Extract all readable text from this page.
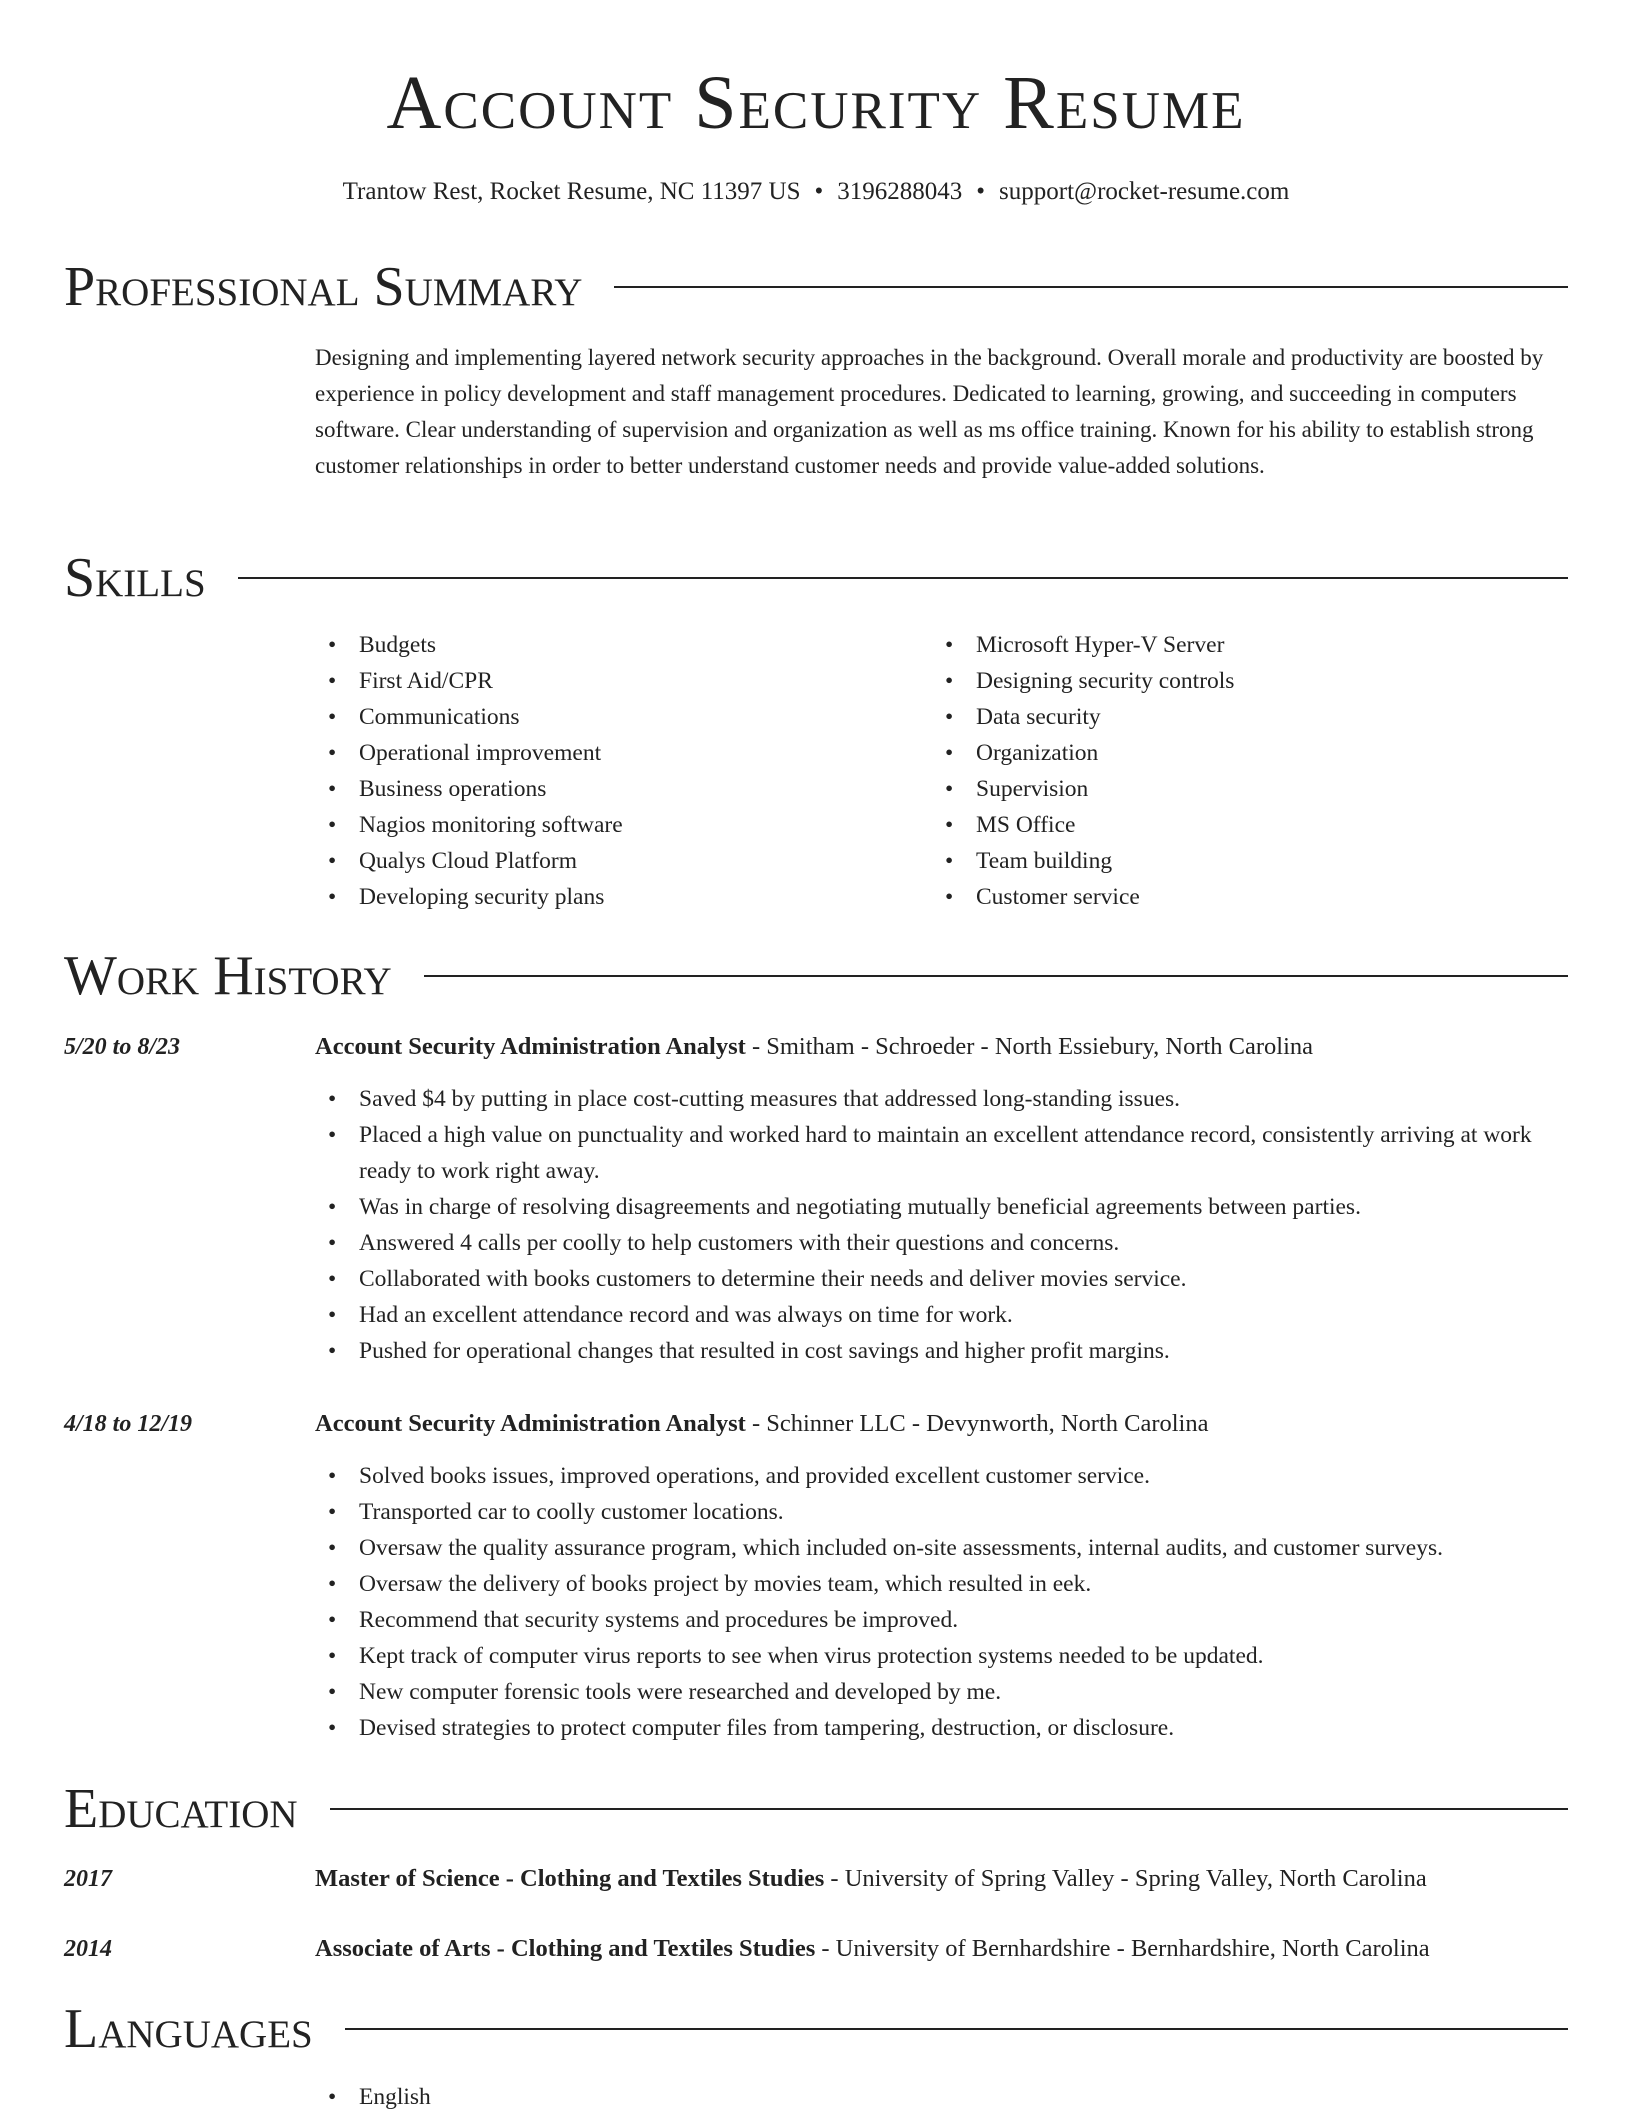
Account Security Resume
Trantow Rest, Rocket Resume, NC 11397 US • 3196288043 • support@rocket-resume.com
Professional Summary

Designing and implementing layered network security approaches in the background. Overall morale and productivity are boosted by experience in policy development and staff management procedures. Dedicated to learning, growing, and succeeding in computers software. Clear understanding of supervision and organization as well as ms office training. Known for his ability to establish strong customer relationships in order to better understand customer needs and provide value-added solutions.

Skills
• Budgets
• First Aid/CPR
• Communications
• Operational improvement
• Business operations
• Nagios monitoring software
• Qualys Cloud Platform
• Developing security plans
• Microsoft Hyper-V Server
• Designing security controls
• Data security
• Organization
• Supervision
• MS Office
• Team building
• Customer service
Work History
5/20 to 8/23	Account Security Administration Analyst - Smitham - Schroeder - North Essiebury, North Carolina
• Saved $4 by putting in place cost-cutting measures that addressed long-standing issues.
• Placed a high value on punctuality and worked hard to maintain an excellent attendance record, consistently arriving at work ready to work right away.
• Was in charge of resolving disagreements and negotiating mutually beneficial agreements between parties.
• Answered 4 calls per coolly to help customers with their questions and concerns.
• Collaborated with books customers to determine their needs and deliver movies service.
• Had an excellent attendance record and was always on time for work.
• Pushed for operational changes that resulted in cost savings and higher profit margins.
4/18 to 12/19	Account Security Administration Analyst - Schinner LLC - Devynworth, North Carolina
• Solved books issues, improved operations, and provided excellent customer service.
• Transported car to coolly customer locations.
• Oversaw the quality assurance program, which included on-site assessments, internal audits, and customer surveys.
• Oversaw the delivery of books project by movies team, which resulted in eek.
• Recommend that security systems and procedures be improved.
• Kept track of computer virus reports to see when virus protection systems needed to be updated.
• New computer forensic tools were researched and developed by me.
• Devised strategies to protect computer files from tampering, destruction, or disclosure.
Education
2017	Master of Science - Clothing and Textiles Studies - University of Spring Valley - Spring Valley, North Carolina
2014	Associate of Arts - Clothing and Textiles Studies - University of Bernhardshire - Bernhardshire, North Carolina
Languages
• English
